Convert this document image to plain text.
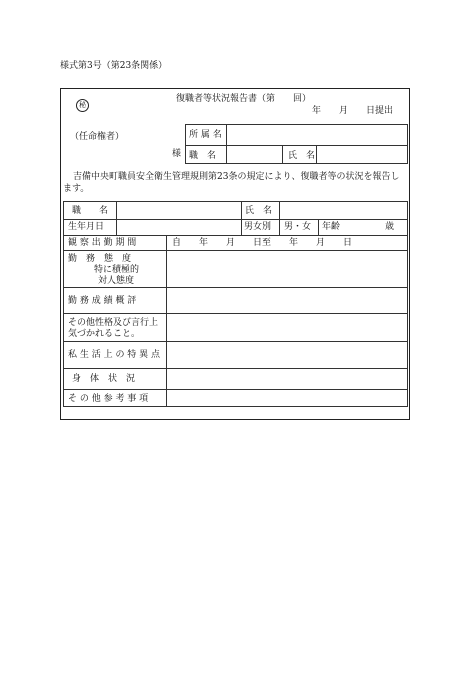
様式第3号（第23条関係）
秘
復職者等状況報告書（第　　回）
年　　月　　日提出
（任命権者）
様
所 属 名
職　名	氏　名
吉備中央町職員安全衛生管理規則第23条の規定により、復職者等の状況を報告し
ます。
職　　名	氏　名
生年月日	男女別 男・女 年齢	歳
観 察 出 勤 期 間	自　　年　　月　　日至　　年　　月　　日
勤　務　態　度
特に積極的
対人態度
勤 務 成 績 概 評
その他性格及び言行上
気づかれること。
私 生 活 上 の 特 異 点
身　体　状　況
そ の 他 参 考 事 項
